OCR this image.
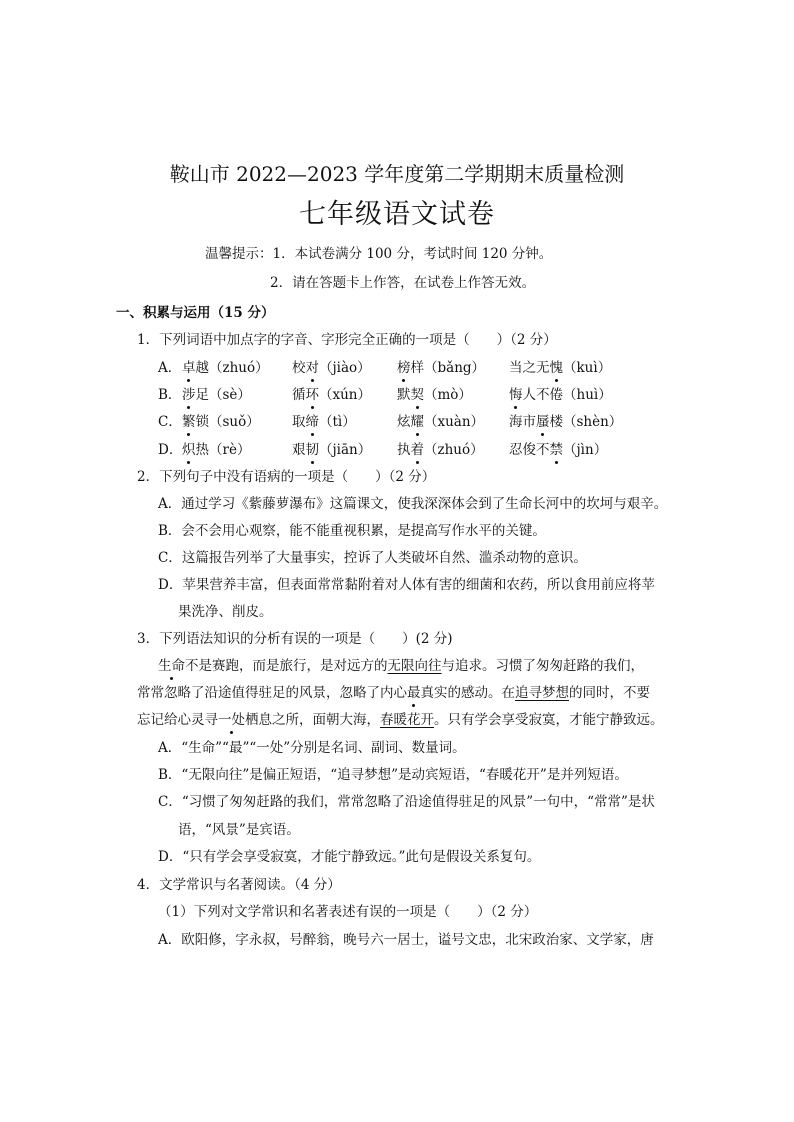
鞍山市 2022—2023 学年度第二学期期末质量检测
七年级语文试卷
温馨提示：1．本试卷满分 100 分，考试时间 120 分钟。
2．请在答题卡上作答，在试卷上作答无效。
一、积累与运用（15 分）
1．下列词语中加点字的字音、字形完全正确的一项是（　　）（2 分）
A． 卓越（zhuó） 校对（jiào） 榜样（bǎng） 当之无愧（kuì）
B． 涉足（sè）	循环（xún） 默契（mò）	悔人不倦（huì）
C． 繁锁（suǒ） 取缔（tì）	炫耀（xuàn） 海市蜃楼（shèn）
D． 炽热（rè）	艰韧（jiān） 执着（zhuó） 忍俊不禁（jìn）
2．下列句子中没有语病的一项是（　　）（2 分）
A．通过学习《紫藤萝瀑布》这篇课文，使我深深体会到了生命长河中的坎坷与艰辛。
B．会不会用心观察，能不能重视积累，是提高写作水平的关键。
C．这篇报告列举了大量事实，控诉了人类破坏自然、滥杀动物的意识。
D．苹果营养丰富，但表面常常黏附着对人体有害的细菌和农药，所以食用前应将苹
果洗净、削皮。
3．下列语法知识的分析有误的一项是（　　）(2 分)
生命不是赛跑，而是旅行，是对远方的无限向往与追求。习惯了匆匆赶路的我们，
常常忽略了沿途值得驻足的风景，忽略了内心最真实的感动。在追寻梦想的同时，不要
忘记给心灵寻一处栖息之所，面朝大海，春暖花开。只有学会享受寂寞，才能宁静致远。
A．“生命”“最”“一处”分别是名词、副词、数量词。
B．“无限向往”是偏正短语，“追寻梦想”是动宾短语，“春暖花开”是并列短语。
C．“习惯了匆匆赶路的我们，常常忽略了沿途值得驻足的风景”一句中，“常常”是状
语，“风景”是宾语。
D．“只有学会享受寂寞，才能宁静致远。”此句是假设关系复句。
4．文学常识与名著阅读。（4 分）
（1）下列对文学常识和名著表述有误的一项是（　　）（2 分）
A．欧阳修，字永叔，号醉翁，晚号六一居士，谥号文忠，北宋政治家、文学家，唐
